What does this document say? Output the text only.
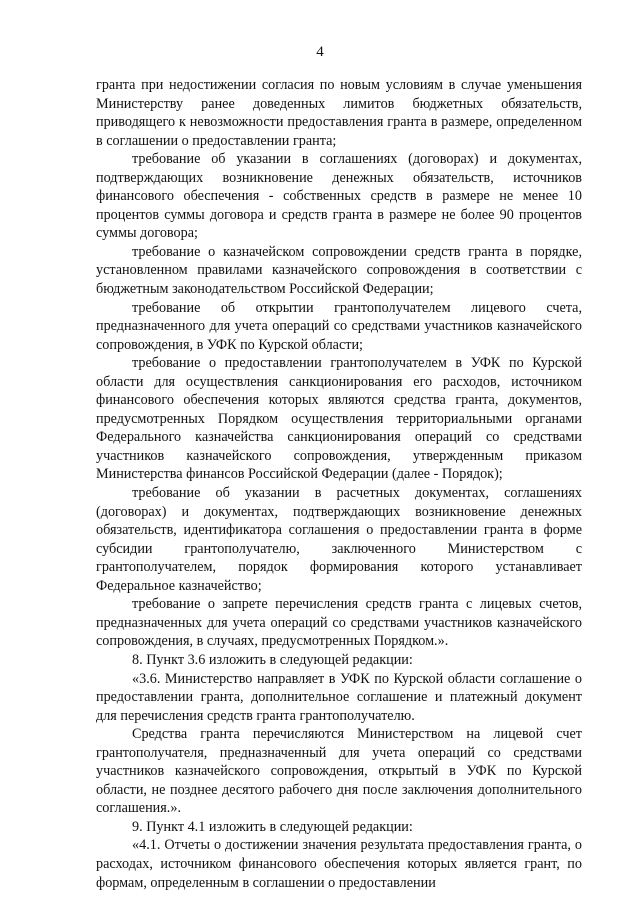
4

гранта при недостижении согласия по новым условиям в случае уменьшения Министерству ранее доведенных лимитов бюджетных обязательств, приводящего к невозможности предоставления гранта в размере, определенном в соглашении о предоставлении гранта;

требование об указании в соглашениях (договорах) и документах, подтверждающих возникновение денежных обязательств, источников финансового обеспечения - собственных средств в размере не менее 10 процентов суммы договора и средств гранта в размере не более 90 процентов суммы договора;

требование о казначейском сопровождении средств гранта в порядке, установленном правилами казначейского сопровождения в соответствии с бюджетным законодательством Российской Федерации;

требование об открытии грантополучателем лицевого счета, предназначенного для учета операций со средствами участников казначейского сопровождения, в УФК по Курской области;

требование о предоставлении грантополучателем в УФК по Курской области для осуществления санкционирования его расходов, источником финансового обеспечения которых являются средства гранта, документов, предусмотренных Порядком осуществления территориальными органами Федерального казначейства санкционирования операций со средствами участников казначейского сопровождения, утвержденным приказом Министерства финансов Российской Федерации (далее - Порядок);

требование об указании в расчетных документах, соглашениях (договорах) и документах, подтверждающих возникновение денежных обязательств, идентификатора соглашения о предоставлении гранта в форме субсидии грантополучателю, заключенного Министерством с грантополучателем, порядок формирования которого устанавливает Федеральное казначейство;

требование о запрете перечисления средств гранта с лицевых счетов, предназначенных для учета операций со средствами участников казначейского сопровождения, в случаях, предусмотренных Порядком.».

8. Пункт 3.6 изложить в следующей редакции:

«3.6. Министерство направляет в УФК по Курской области соглашение о предоставлении гранта, дополнительное соглашение и платежный документ для перечисления средств гранта грантополучателю.

Средства гранта перечисляются Министерством на лицевой счет грантополучателя, предназначенный для учета операций со средствами участников казначейского сопровождения, открытый в УФК по Курской области, не позднее десятого рабочего дня после заключения дополнительного соглашения.».

9. Пункт 4.1 изложить в следующей редакции:

«4.1. Отчеты о достижении значения результата предоставления гранта, о расходах, источником финансового обеспечения которых является грант, по формам, определенным в соглашении о предоставлении
